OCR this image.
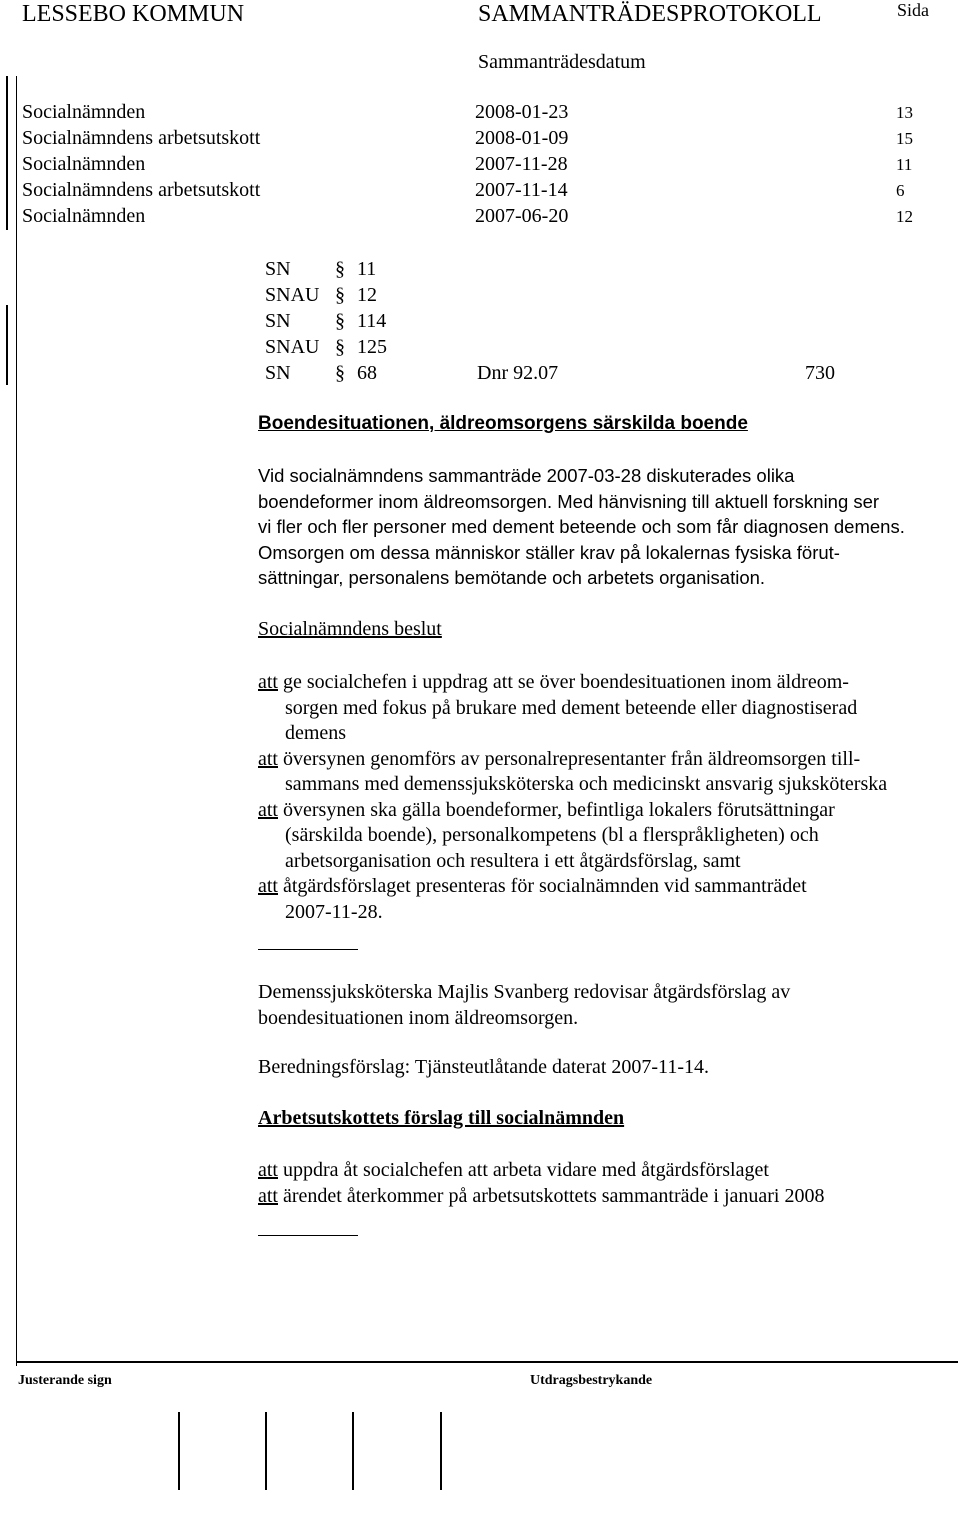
LESSEBO KOMMUN	SAMMANTRÄDESPROTOKOLL	Sida
Sammanträdesdatum
Socialnämnden	2008-01-23	13
Socialnämndens arbetsutskott	2008-01-09	15
Socialnämnden	2007-11-28	11
Socialnämndens arbetsutskott	2007-11-14	6
Socialnämnden	2007-06-20	12
SN § 11
SNAU § 12
SN § 114
SNAU § 125
SN § 68	Dnr 92.07	730
Boendesituationen, äldreomsorgens särskilda boende
Vid socialnämndens sammanträde 2007-03-28 diskuterades olika
boendeformer inom äldreomsorgen. Med hänvisning till aktuell forskning ser
vi fler och fler personer med dement beteende och som får diagnosen demens.
Omsorgen om dessa människor ställer krav på lokalernas fysiska förut-
sättningar, personalens bemötande och arbetets organisation.
Socialnämndens beslut
att ge socialchefen i uppdrag att se över boendesituationen inom äldreom-
sorgen med fokus på brukare med dement beteende eller diagnostiserad
demens
att översynen genomförs av personalrepresentanter från äldreomsorgen till-
sammans med demenssjuksköterska och medicinskt ansvarig sjuksköterska
att översynen ska gälla boendeformer, befintliga lokalers förutsättningar
(särskilda boende), personalkompetens (bl a flerspråkligheten) och
arbetsorganisation och resultera i ett åtgärdsförslag, samt
att åtgärdsförslaget presenteras för socialnämnden vid sammanträdet
2007-11-28.
Demenssjuksköterska Majlis Svanberg redovisar åtgärdsförslag av
boendesituationen inom äldreomsorgen.
Beredningsförslag: Tjänsteutlåtande daterat 2007-11-14.
Arbetsutskottets förslag till socialnämnden
att uppdra åt socialchefen att arbeta vidare med åtgärdsförslaget
att ärendet återkommer på arbetsutskottets sammanträde i januari 2008
Justerande sign	Utdragsbestrykande
